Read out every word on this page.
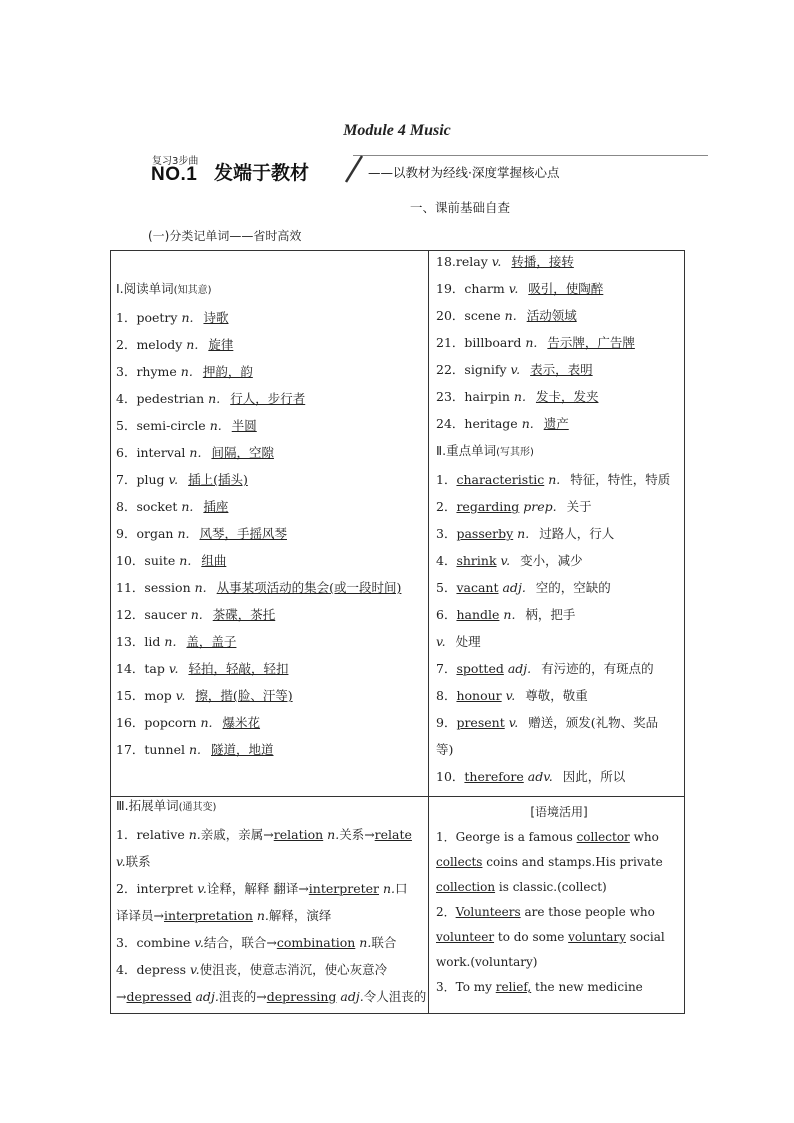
Module 4 Music
复习3步曲
NO.1 发端于教材	——以教材为经线·深度掌握核心点
一、课前基础自查
(一)分类记单词——省时高效
Ⅰ.阅读单词(知其意)
1．poetry n. 诗歌
2．melody n. 旋律
3．rhyme n. 押韵，韵
4．pedestrian n. 行人，步行者
5．semi-circle n. 半圆
6．interval n. 间隔，空隙
7．plug v. 插上(插头)
8．socket n. 插座
9．organ n. 风琴，手摇风琴
10．suite n. 组曲
11．session n. 从事某项活动的集会(或一段时间)
12．saucer n. 茶碟，茶托
13．lid n. 盖，盖子
14．tap v. 轻拍，轻敲，轻扣
15．mop v. 擦，揩(脸、汗等)
16．popcorn n. 爆米花
17．tunnel n. 隧道，地道
18.relay v. 转播，接转
19．charm v. 吸引，使陶醉
20．scene n. 活动领域
21．billboard n. 告示牌，广告牌
22．signify v. 表示，表明
23．hairpin n. 发卡，发夹
24．heritage n. 遗产
Ⅱ.重点单词(写其形)
1．characteristic n. 特征，特性，特质
2．regarding prep. 关于
3．passerby n. 过路人，行人
4．shrink v. 变小，减少
5．vacant adj. 空的，空缺的
6．handle n. 柄，把手
v. 处理
7．spotted adj. 有污迹的，有斑点的
8．honour v. 尊敬，敬重
9．present v. 赠送，颁发(礼物、奖品
等)
10．therefore adv. 因此，所以
Ⅲ.拓展单词(通其变)
1．relative n.亲戚，亲属→relation n.关系→relate
v.联系
2．interpret v.诠释，解释 翻译→interpreter n.口
译译员→interpretation n.解释，演绎
3．combine v.结合，联合→combination n.联合
4．depress v.使沮丧，使意志消沉，使心灰意冷
→depressed adj.沮丧的→depressing adj.令人沮丧的
[语境活用]
1．George is a famous collector who
collects coins and stamps.His private
collection is classic.(collect)
2．Volunteers are those people who
volunteer to do some voluntary social
work.(voluntary)
3．To my relief, the new medicine
